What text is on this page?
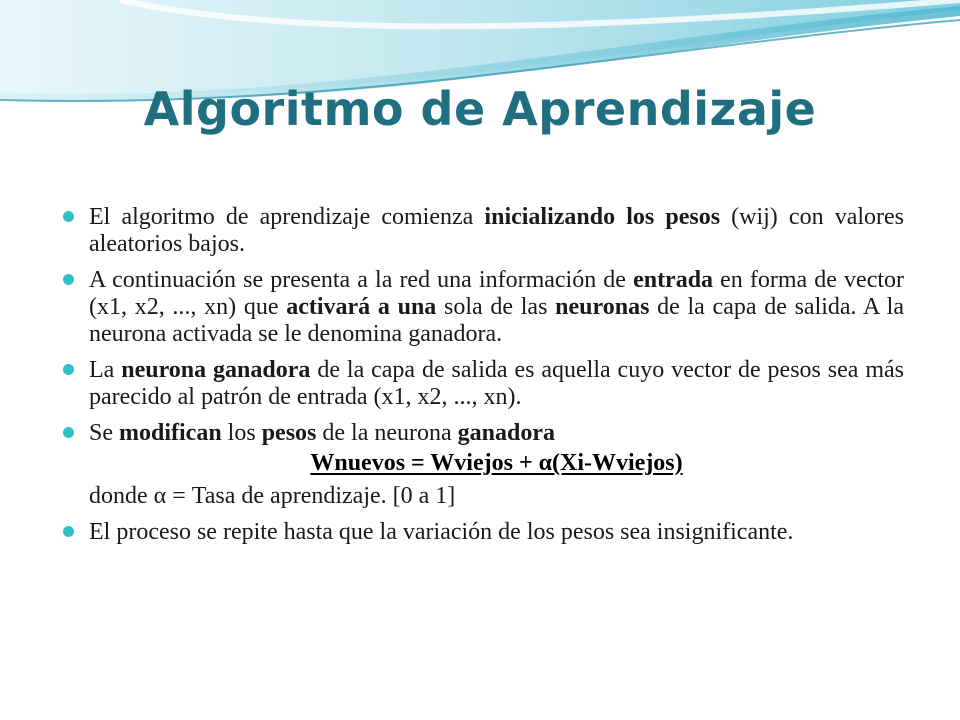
Algoritmo de Aprendizaje
El algoritmo de aprendizaje comienza inicializando los pesos (wij) con valores aleatorios bajos.
A continuación se presenta a la red una información de entrada en forma de vector (x1, x2, ..., xn) que activará a una sola de las neuronas de la capa de salida. A la neurona activada se le denomina ganadora.
La neurona ganadora de la capa de salida es aquella cuyo vector de pesos sea más parecido al patrón de entrada (x1, x2, ..., xn).
Se modifican los pesos de la neurona ganadora
Wnuevos = Wviejos + α(Xi-Wviejos)
donde α = Tasa de aprendizaje. [0 a 1]
El proceso se repite hasta que la variación de los pesos sea insignificante.
